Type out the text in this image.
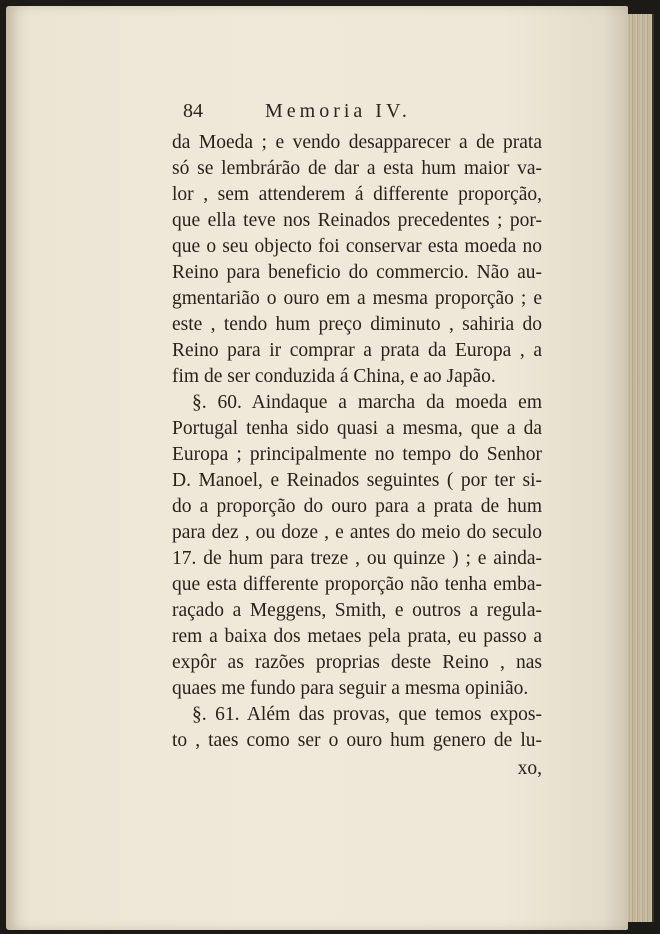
84	Memoria IV.
da Moeda ; e vendo desapparecer a de prata
só se lembrárão de dar a esta hum maior va-
lor , sem attenderem á differente proporção,
que ella teve nos Reinados precedentes ; por-
que o seu objecto foi conservar esta moeda no
Reino para beneficio do commercio. Não au-
gmentarião o ouro em a mesma proporção ; e
este , tendo hum preço diminuto , sahiria do
Reino para ir comprar a prata da Europa , a
fim de ser conduzida á China, e ao Japão.
§. 60. Aindaque a marcha da moeda em
Portugal tenha sido quasi a mesma, que a da
Europa ; principalmente no tempo do Senhor
D. Manoel, e Reinados seguintes ( por ter si-
do a proporção do ouro para a prata de hum
para dez , ou doze , e antes do meio do seculo
17. de hum para treze , ou quinze ) ; e ainda-
que esta differente proporção não tenha emba-
raçado a Meggens, Smith, e outros a regula-
rem a baixa dos metaes pela prata, eu passo a
expôr as razões proprias deste Reino , nas
quaes me fundo para seguir a mesma opinião.
§. 61. Além das provas, que temos expos-
to , taes como ser o ouro hum genero de lu-
xo,
